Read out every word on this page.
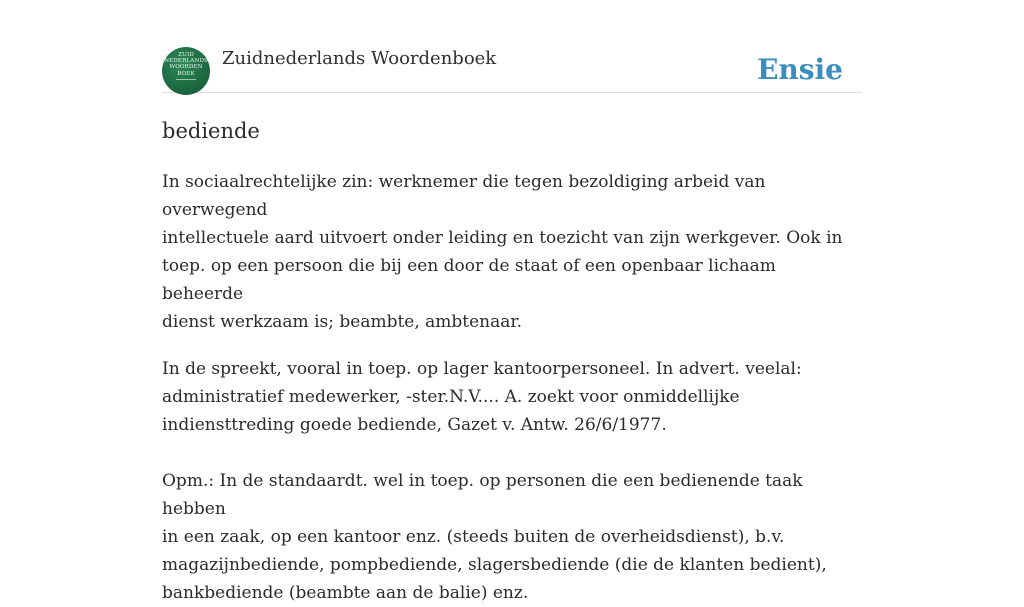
ZUID
NEDERLANDS
WOORDEN
BOEK
Zuidnederlands Woordenboek	Ensie
bediende

In sociaalrechtelijke zin: werknemer die tegen bezoldiging arbeid van overwegend
intellectuele aard uitvoert onder leiding en toezicht van zijn werkgever. Ook in
toep. op een persoon die bij een door de staat of een openbaar lichaam beheerde
dienst werkzaam is; beambte, ambtenaar.

In de spreekt, vooral in toep. op lager kantoorpersoneel. In advert. veelal:
administratief medewerker, -ster.N.V.... A. zoekt voor onmiddellijke
indiensttreding goede bediende, Gazet v. Antw. 26/6/1977.

Opm.: In de standaardt. wel in toep. op personen die een bedienende taak hebben
in een zaak, op een kantoor enz. (steeds buiten de overheidsdienst), b.v.
magazijnbediende, pompbediende, slagersbediende (die de klanten bedient),
bankbediende (beambte aan de balie) enz.
